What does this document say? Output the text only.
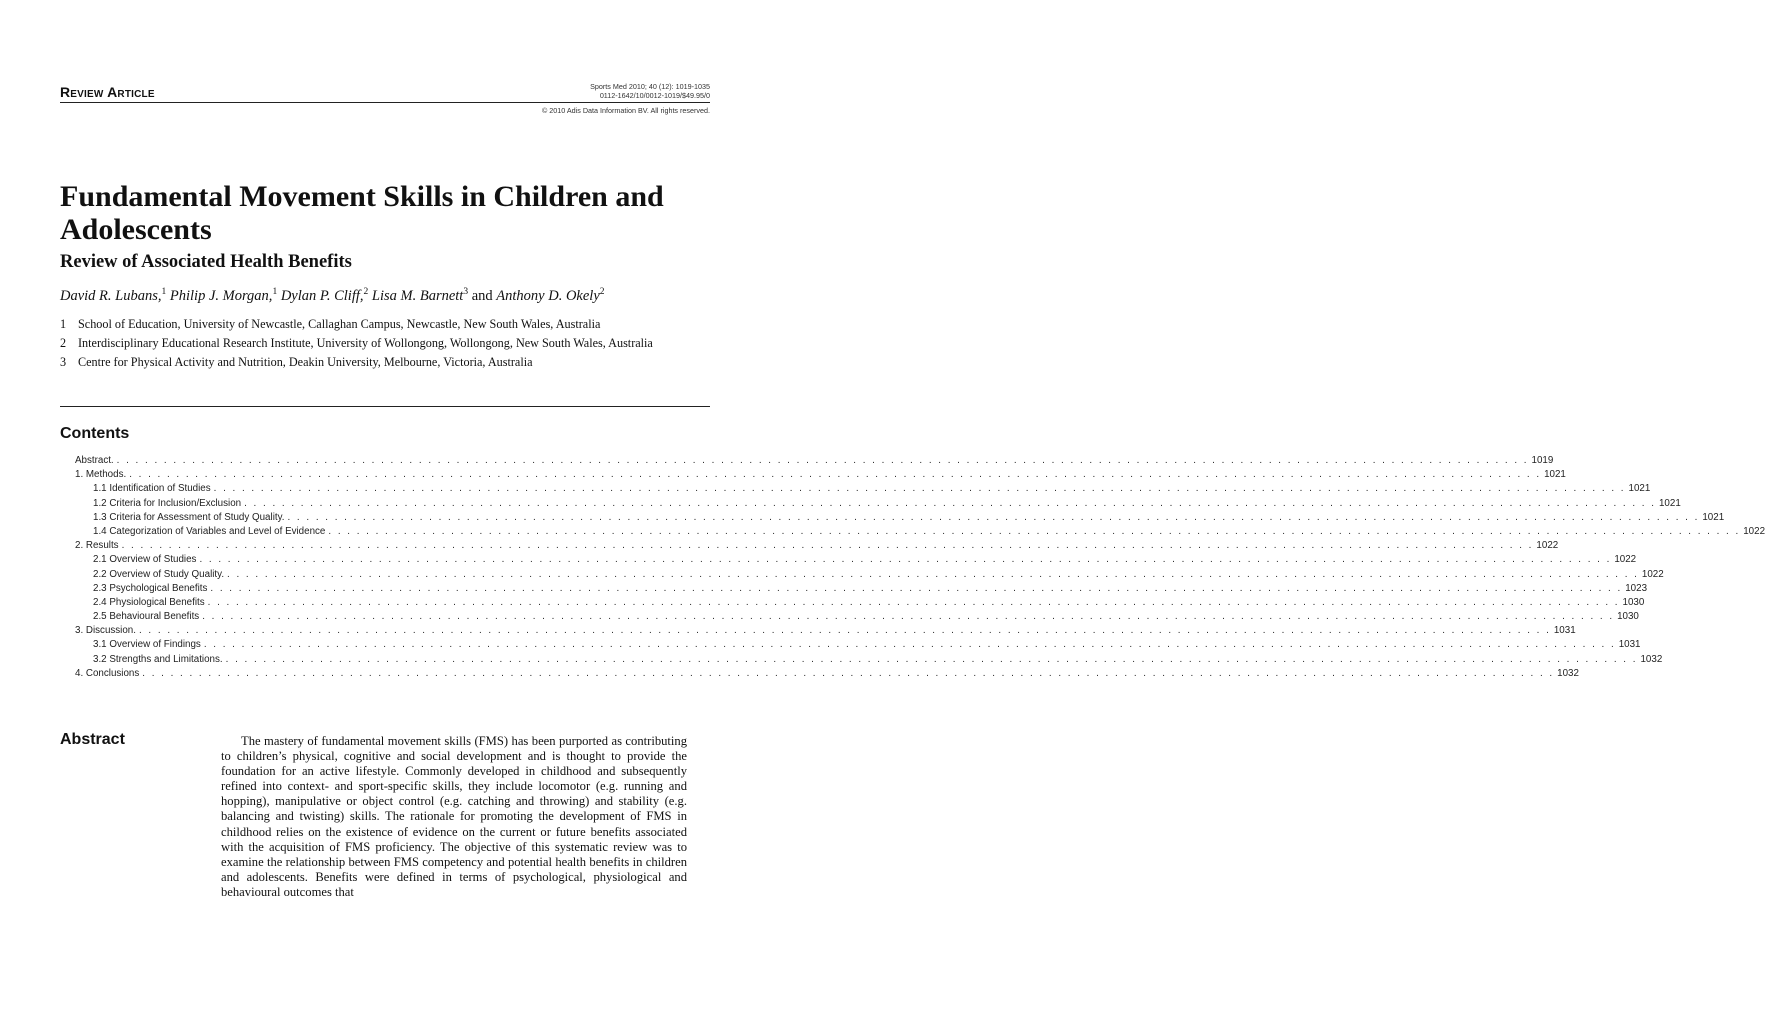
Review Article	Sports Med 2010; 40 (12): 1019-1035
0112-1642/10/0012-1019/$49.95/0
© 2010 Adis Data Information BV. All rights reserved.
Fundamental Movement Skills in Children and Adolescents
Review of Associated Health Benefits
David R. Lubans,$^1$ Philip J. Morgan,$^1$ Dylan P. Cliff,$^2$ Lisa M. Barnett$^3$ and Anthony D. Okely$^2$
1 School of Education, University of Newcastle, Callaghan Campus, Newcastle, New South Wales, Australia
2 Interdisciplinary Educational Research Institute, University of Wollongong, Wollongong, New South Wales, Australia
3 Centre for Physical Activity and Nutrition, Deakin University, Melbourne, Victoria, Australia
Contents
Abstract. . . . . . . . . . . . . . . . . . . . . . . . . . . . . . . . . . . . . . . . . . . . . . . . . . . . . . . . . . . . . . . . . . . . . . . . . . . . . . . . . . . . . . . . . . . . . . . . . . . . . . . . . . . . . . . . . . . . . . . . . . . . . . . . . . . . . . . . . . . . . . . . . . . . . . . 1019
1. Methods. . . . . . . . . . . . . . . . . . . . . . . . . . . . . . . . . . . . . . . . . . . . . . . . . . . . . . . . . . . . . . . . . . . . . . . . . . . . . . . . . . . . . . . . . . . . . . . . . . . . . . . . . . . . . . . . . . . . . . . . . . . . . . . . . . . . . . . . . . . . . . . . . . . . . . . 1021
1.1 Identification of Studies . . . . . . . . . . . . . . . . . . . . . . . . . . . . . . . . . . . . . . . . . . . . . . . . . . . . . . . . . . . . . . . . . . . . . . . . . . . . . . . . . . . . . . . . . . . . . . . . . . . . . . . . . . . . . . . . . . . . . . . . . . . . . . . . . . . . . . . . . . . . . . . . . . . . . . 1021
1.2 Criteria for Inclusion/Exclusion . . . . . . . . . . . . . . . . . . . . . . . . . . . . . . . . . . . . . . . . . . . . . . . . . . . . . . . . . . . . . . . . . . . . . . . . . . . . . . . . . . . . . . . . . . . . . . . . . . . . . . . . . . . . . . . . . . . . . . . . . . . . . . . . . . . . . . . . . . . . . . . . . . . . . . 1021
1.3 Criteria for Assessment of Study Quality. . . . . . . . . . . . . . . . . . . . . . . . . . . . . . . . . . . . . . . . . . . . . . . . . . . . . . . . . . . . . . . . . . . . . . . . . . . . . . . . . . . . . . . . . . . . . . . . . . . . . . . . . . . . . . . . . . . . . . . . . . . . . . . . . . . . . . . . . . . . . . . . . . . . . . . 1021
1.4 Categorization of Variables and Level of Evidence . . . . . . . . . . . . . . . . . . . . . . . . . . . . . . . . . . . . . . . . . . . . . . . . . . . . . . . . . . . . . . . . . . . . . . . . . . . . . . . . . . . . . . . . . . . . . . . . . . . . . . . . . . . . . . . . . . . . . . . . . . . . . . . . . . . . . . . . . . . . . . . . . . . . . . 1022
2. Results . . . . . . . . . . . . . . . . . . . . . . . . . . . . . . . . . . . . . . . . . . . . . . . . . . . . . . . . . . . . . . . . . . . . . . . . . . . . . . . . . . . . . . . . . . . . . . . . . . . . . . . . . . . . . . . . . . . . . . . . . . . . . . . . . . . . . . . . . . . . . . . . . . . . . . 1022
2.1 Overview of Studies . . . . . . . . . . . . . . . . . . . . . . . . . . . . . . . . . . . . . . . . . . . . . . . . . . . . . . . . . . . . . . . . . . . . . . . . . . . . . . . . . . . . . . . . . . . . . . . . . . . . . . . . . . . . . . . . . . . . . . . . . . . . . . . . . . . . . . . . . . . . . . . . . . . . . . 1022
2.2 Overview of Study Quality. . . . . . . . . . . . . . . . . . . . . . . . . . . . . . . . . . . . . . . . . . . . . . . . . . . . . . . . . . . . . . . . . . . . . . . . . . . . . . . . . . . . . . . . . . . . . . . . . . . . . . . . . . . . . . . . . . . . . . . . . . . . . . . . . . . . . . . . . . . . . . . . . . . . . . . 1022
2.3 Psychological Benefits . . . . . . . . . . . . . . . . . . . . . . . . . . . . . . . . . . . . . . . . . . . . . . . . . . . . . . . . . . . . . . . . . . . . . . . . . . . . . . . . . . . . . . . . . . . . . . . . . . . . . . . . . . . . . . . . . . . . . . . . . . . . . . . . . . . . . . . . . . . . . . . . . . . . . . 1023
2.4 Physiological Benefits . . . . . . . . . . . . . . . . . . . . . . . . . . . . . . . . . . . . . . . . . . . . . . . . . . . . . . . . . . . . . . . . . . . . . . . . . . . . . . . . . . . . . . . . . . . . . . . . . . . . . . . . . . . . . . . . . . . . . . . . . . . . . . . . . . . . . . . . . . . . . . . . . . . . . . 1030
2.5 Behavioural Benefits . . . . . . . . . . . . . . . . . . . . . . . . . . . . . . . . . . . . . . . . . . . . . . . . . . . . . . . . . . . . . . . . . . . . . . . . . . . . . . . . . . . . . . . . . . . . . . . . . . . . . . . . . . . . . . . . . . . . . . . . . . . . . . . . . . . . . . . . . . . . . . . . . . . . . . 1030
3. Discussion. . . . . . . . . . . . . . . . . . . . . . . . . . . . . . . . . . . . . . . . . . . . . . . . . . . . . . . . . . . . . . . . . . . . . . . . . . . . . . . . . . . . . . . . . . . . . . . . . . . . . . . . . . . . . . . . . . . . . . . . . . . . . . . . . . . . . . . . . . . . . . . . . . . . . . . 1031
3.1 Overview of Findings . . . . . . . . . . . . . . . . . . . . . . . . . . . . . . . . . . . . . . . . . . . . . . . . . . . . . . . . . . . . . . . . . . . . . . . . . . . . . . . . . . . . . . . . . . . . . . . . . . . . . . . . . . . . . . . . . . . . . . . . . . . . . . . . . . . . . . . . . . . . . . . . . . . . . . 1031
3.2 Strengths and Limitations. . . . . . . . . . . . . . . . . . . . . . . . . . . . . . . . . . . . . . . . . . . . . . . . . . . . . . . . . . . . . . . . . . . . . . . . . . . . . . . . . . . . . . . . . . . . . . . . . . . . . . . . . . . . . . . . . . . . . . . . . . . . . . . . . . . . . . . . . . . . . . . . . . . . . . . 1032
4. Conclusions . . . . . . . . . . . . . . . . . . . . . . . . . . . . . . . . . . . . . . . . . . . . . . . . . . . . . . . . . . . . . . . . . . . . . . . . . . . . . . . . . . . . . . . . . . . . . . . . . . . . . . . . . . . . . . . . . . . . . . . . . . . . . . . . . . . . . . . . . . . . . . . . . . . . . . 1032
Abstract	The mastery of fundamental movement skills (FMS) has been purported as contributing to children’s physical, cognitive and social development and is thought to provide the foundation for an active lifestyle. Commonly developed in childhood and subsequently refined into context- and sport-specific skills, they include locomotor (e.g. running and hopping), manipulative or object control (e.g. catching and throwing) and stability (e.g. balancing and twisting) skills. The rationale for promoting the development of FMS in childhood relies on the existence of evidence on the current or future benefits associated with the acquisition of FMS proficiency. The objective of this systematic review was to examine the relationship between FMS competency and potential health benefits in children and adolescents. Benefits were defined in terms of psychological, physiological and behavioural outcomes that
